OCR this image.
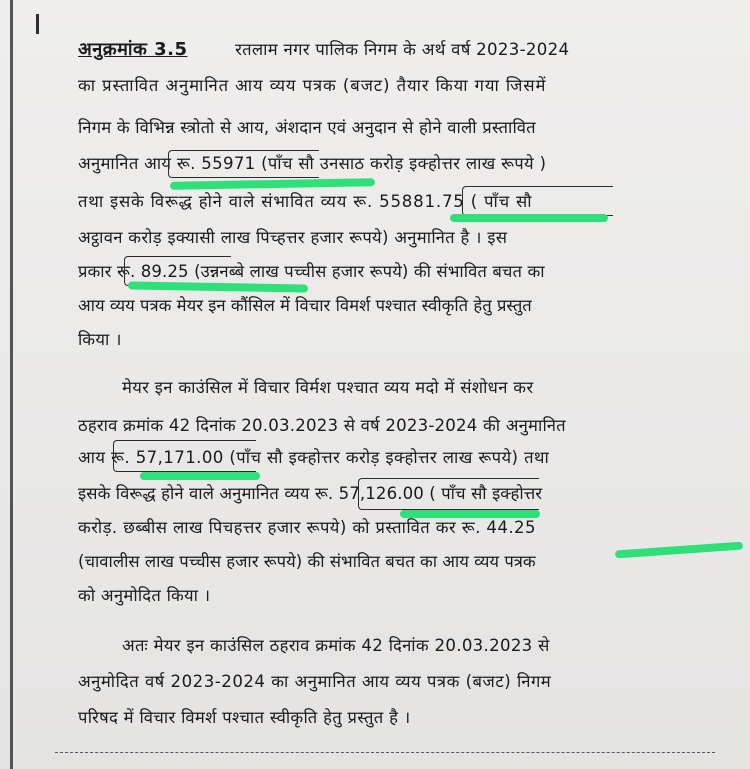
अनुक्रमांक 3.5	रतलाम नगर पालिक निगम के अर्थ वर्ष 2023-2024
का प्रस्तावित अनुमानित आय व्यय पत्रक (बजट) तैयार किया गया जिसमें
निगम के विभिन्न स्त्रोतो से आय, अंशदान एवं अनुदान से होने वाली प्रस्तावित
अनुमानित आय रू. 55971 (पॉंच सौ उनसाठ करोड़ इक्होत्तर लाख रूपये )
तथा इसके विरूद्ध होने वाले संभावित व्यय रू. 55881.75 ( पॉंच सौ
अट्ठावन करोड़ इक्यासी लाख पिच्हत्तर हजार रूपये) अनुमानित है । इस
प्रकार रू. 89.25 (उन्ननब्बे लाख पच्चीस हजार रूपये) की संभावित बचत का
आय व्यय पत्रक मेयर इन कौंसिल में विचार विमर्श पश्चात स्वीकृति हेतु प्रस्तुत
किया ।
मेयर इन काउंसिल में विचार विर्मश पश्चात व्यय मदो में संशोधन कर
ठहराव क्रमांक 42 दिनांक 20.03.2023 से वर्ष 2023-2024 की अनुमानित
आय रू. 57,171.00 (पॉंच सौ इक्होत्तर करोड़ इक्होत्तर लाख रूपये) तथा
इसके विरूद्ध होने वाले अनुमानित व्यय रू. 57,126.00 ( पॉंच सौ इक्होत्तर
करोड़. छब्बीस लाख पिचहत्तर हजार रूपये) को प्रस्तावित कर रू. 44.25
(चावालीस लाख पच्चीस हजार रूपये) की संभावित बचत का आय व्यय पत्रक
को अनुमोदित किया ।
अतः मेयर इन काउंसिल ठहराव क्रमांक 42 दिनांक 20.03.2023 से
अनुमोदित वर्ष 2023-2024 का अनुमानित आय व्यय पत्रक (बजट) निगम
परिषद में विचार विमर्श पश्चात स्वीकृति हेतु प्रस्तुत है ।
